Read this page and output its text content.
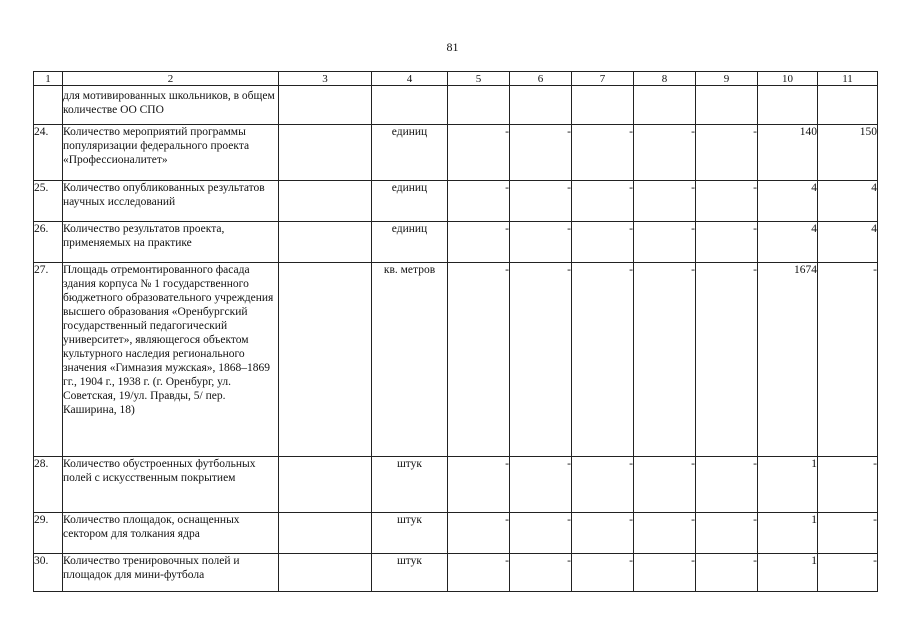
81
1	2	3	4	5	6	7	8	9	10	11
	для мотивированных школьников, в общем количестве ОО СПО									
24.	Количество мероприятий программы популяризации федерального проекта «Профессионалитет»		единиц	-	-	-	-	-	140	150
25.	Количество опубликованных результатов научных исследований		единиц	-	-	-	-	-	4	4
26.	Количество результатов проекта, применяемых на практике		единиц	-	-	-	-	-	4	4
27.	Площадь отремонтированного фасада здания корпуса № 1 государственного бюджетного образовательного учреждения высшего образования «Оренбургский государственный педагогический университет», являющегося объектом культурного наследия регионального значения «Гимназия мужская», 1868–1869 гг., 1904 г., 1938 г. (г. Оренбург, ул. Советская, 19/ул. Правды, 5/ пер. Каширина, 18)		кв. метров	-	-	-	-	-	1674	-
28.	Количество обустроенных футбольных полей с искусственным покрытием		штук	-	-	-	-	-	1	-
29.	Количество площадок, оснащенных сектором для толкания ядра		штук	-	-	-	-	-	1	-
30.	Количество тренировочных полей и площадок для мини-футбола		штук	-	-	-	-	-	1	-
